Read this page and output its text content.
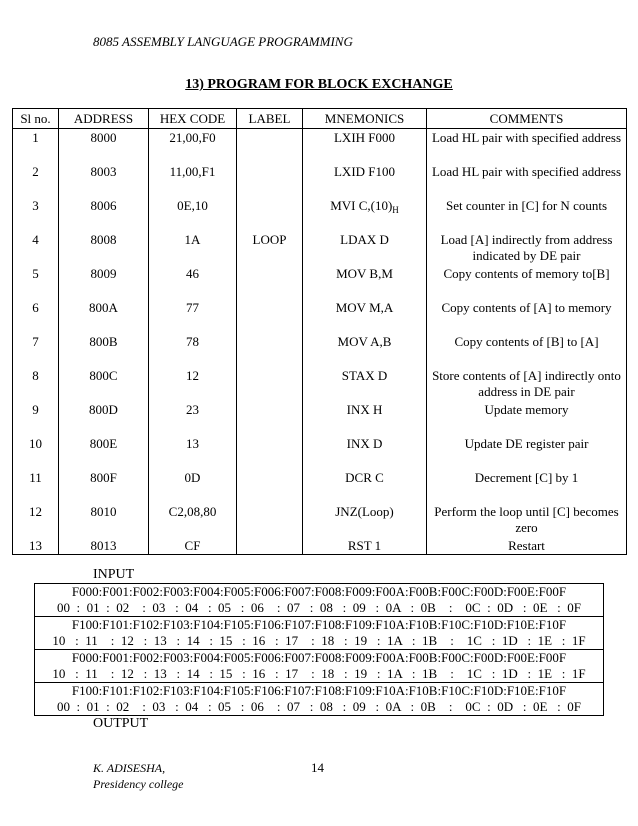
8085 ASSEMBLY LANGUAGE PROGRAMMING
13) PROGRAM FOR BLOCK EXCHANGE
Sl no.	ADDRESS	HEX CODE	LABEL	MNEMONICS	COMMENTS
1	8000	21,00,F0		LXIH F000	Load HL pair with specified address
2	8003	11,00,F1		LXID F100	Load HL pair with specified address
3	8006	0E,10		MVI $C,(10)_H$	Set counter in [C] for N counts
4	8008	1A	LOOP	LDAX D	Load [A] indirectly from address indicated by DE pair
5	8009	46		MOV B,M	Copy contents of memory to[B]
6	800A	77		MOV M,A	Copy contents of [A] to memory
7	800B	78		MOV A,B	Copy contents of [B] to [A]
8	800C	12		STAX D	Store contents of [A] indirectly onto address in DE pair
9	800D	23		INX H	Update memory
10	800E	13		INX D	Update DE register pair
11	800F	0D		DCR C	Decrement [C] by 1
12	8010	C2,08,80		JNZ(Loop)	Perform the loop until [C] becomes zero
13	8013	CF		RST 1	Restart
INPUT
F000:F001:F002:F003:F004:F005:F006:F007:F008:F009:F00A:F00B:F00C:F00D:F00E:F00F
00  :  01  :  02    :  03   :  04   :  05   :  06    :  07   :  08   :  09   :  0A   :  0B    :    0C  :  0D   :  0E   :  0F
F100:F101:F102:F103:F104:F105:F106:F107:F108:F109:F10A:F10B:F10C:F10D:F10E:F10F
10   :  11    :  12   :  13   :  14   :  15   :  16   :  17    :  18   :  19   :  1A   :  1B    :    1C   :  1D   :  1E   :  1F
F000:F001:F002:F003:F004:F005:F006:F007:F008:F009:F00A:F00B:F00C:F00D:F00E:F00F
10   :  11    :  12   :  13   :  14   :  15   :  16   :  17    :  18   :  19   :  1A   :  1B    :    1C   :  1D   :  1E   :  1F
F100:F101:F102:F103:F104:F105:F106:F107:F108:F109:F10A:F10B:F10C:F10D:F10E:F10F
00  :  01  :  02    :  03   :  04   :  05   :  06    :  07   :  08   :  09   :  0A   :  0B    :    0C  :  0D   :  0E   :  0F
OUTPUT
K. ADISESHA,
Presidency college
14
